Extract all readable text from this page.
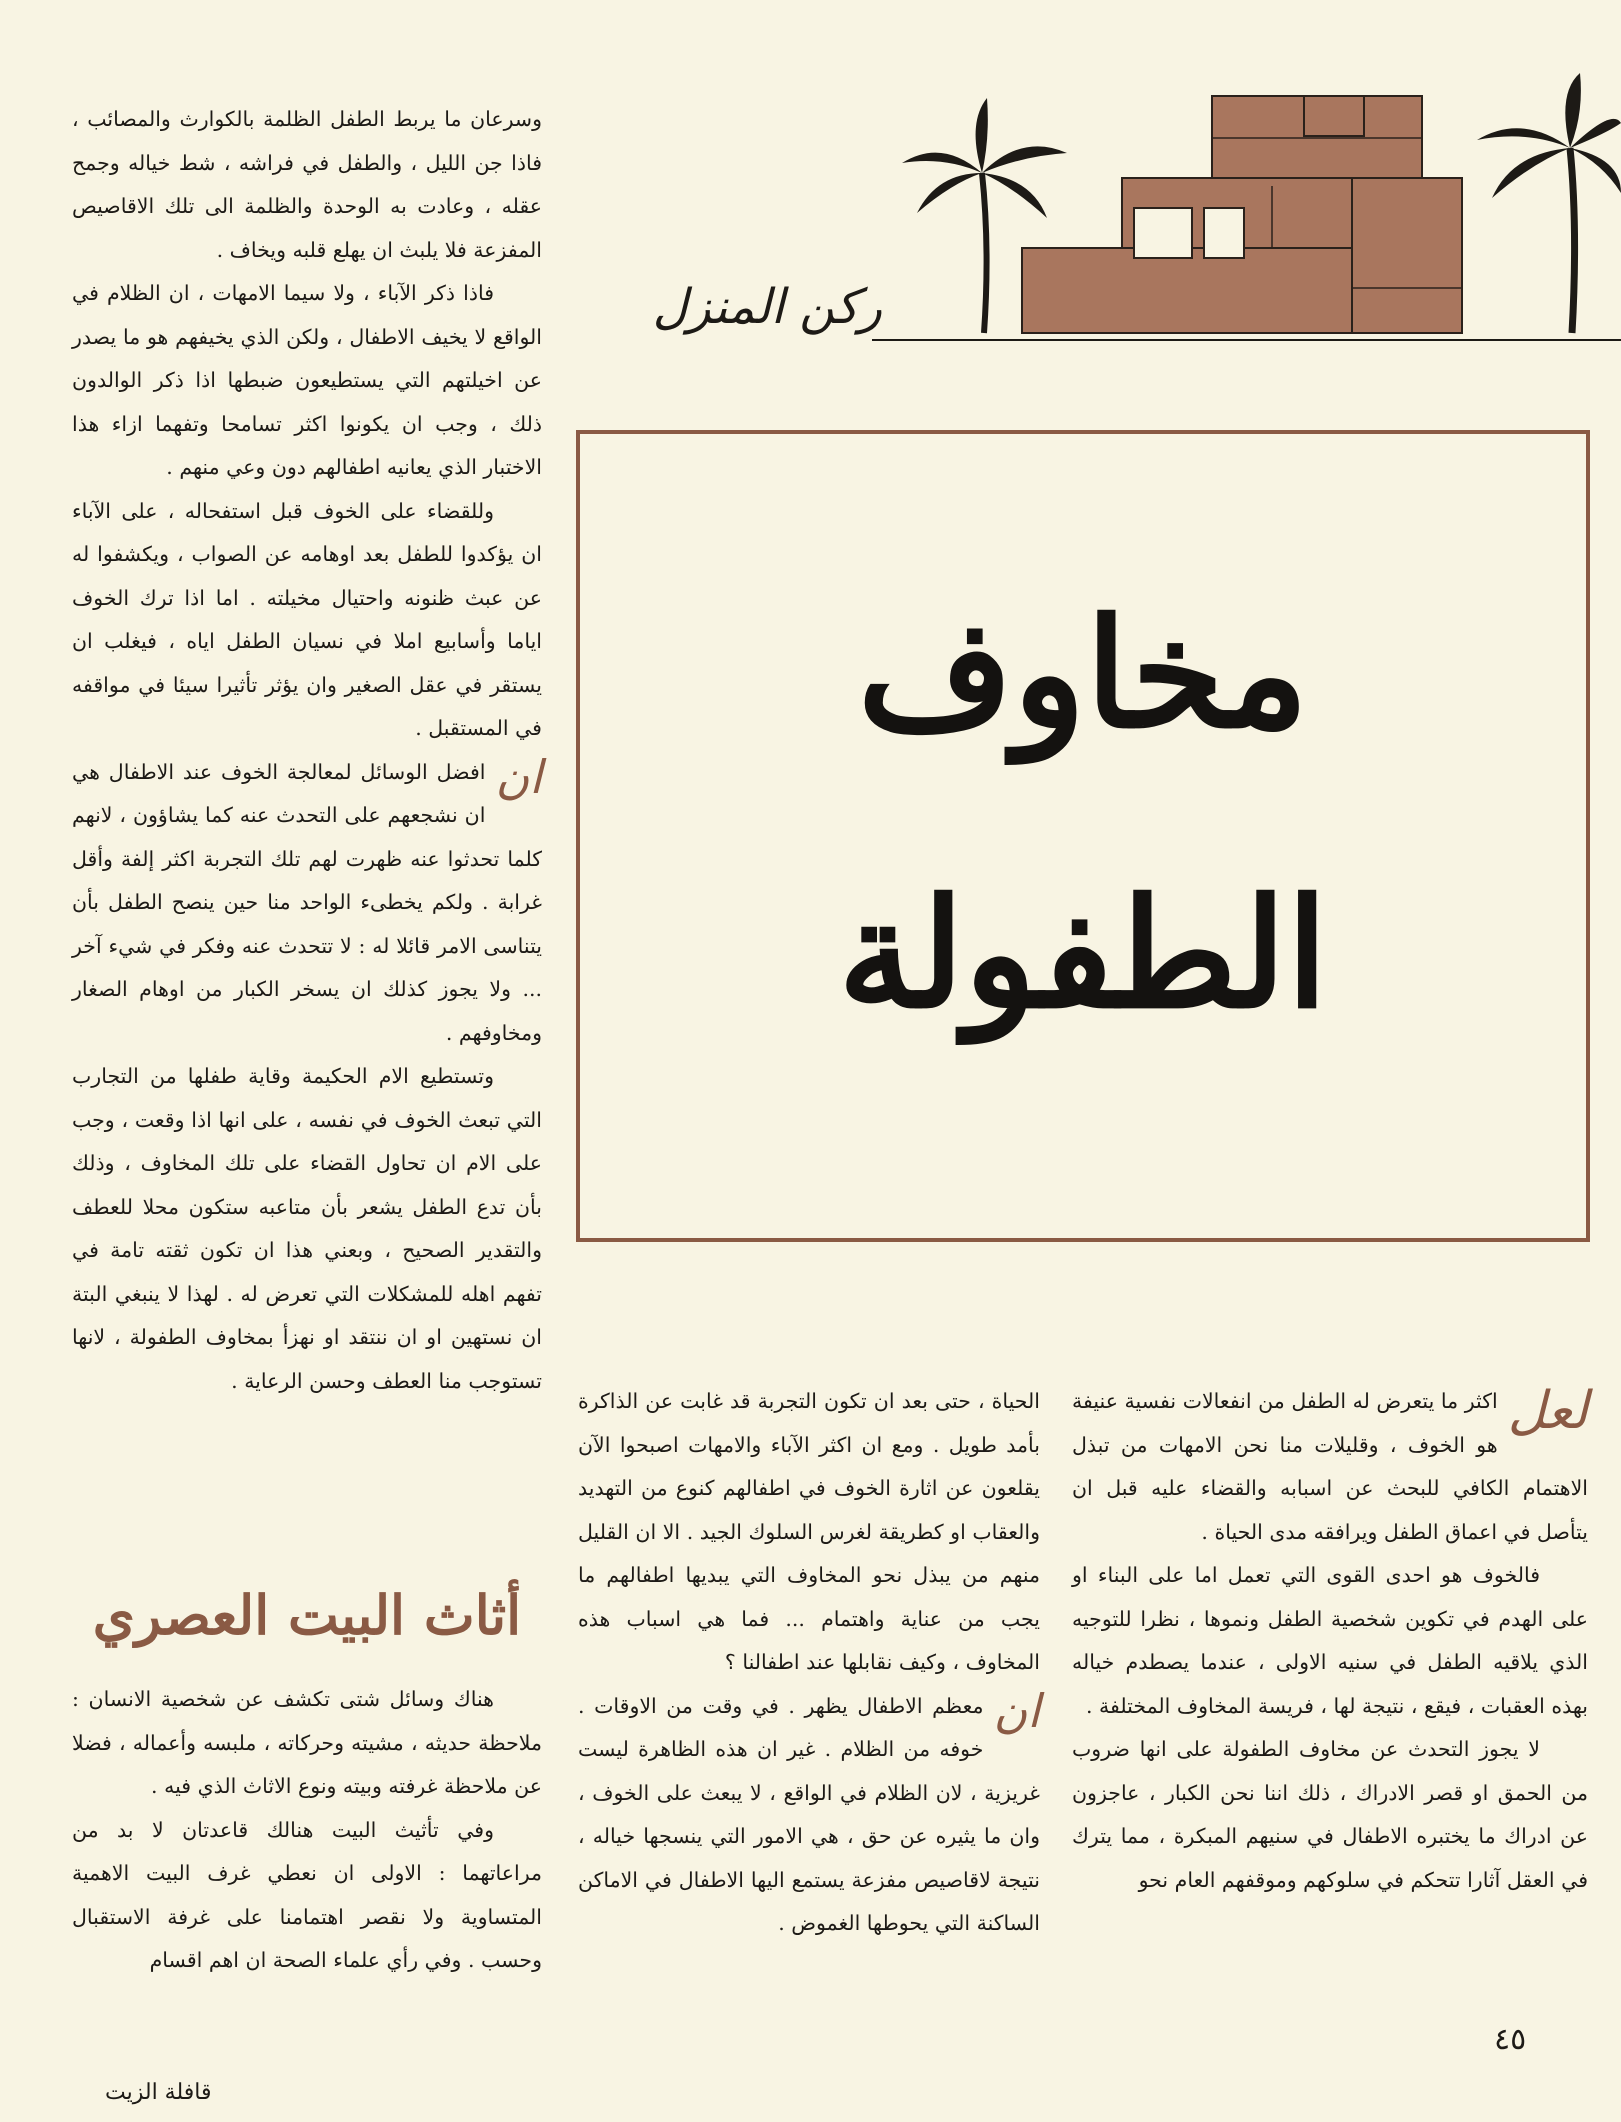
ركن المنزل
مخاوف
الطفولة

وسرعان ما يربط الطفل الظلمة بالكوارث والمصائب ، فاذا جن الليل ، والطفل في فراشه ، شط خياله وجمح عقله ، وعادت به الوحدة والظلمة الى تلك الاقاصيص المفزعة فلا يلبث ان يهلع قلبه ويخاف .

فاذا ذكر الآباء ، ولا سيما الامهات ، ان الظلام في الواقع لا يخيف الاطفال ، ولكن الذي يخيفهم هو ما يصدر عن اخيلتهم التي يستطيعون ضبطها اذا ذكر الوالدون ذلك ، وجب ان يكونوا اكثر تسامحا وتفهما ازاء هذا الاختبار الذي يعانيه اطفالهم دون وعي منهم .

وللقضاء على الخوف قبل استفحاله ، على الآباء ان يؤكدوا للطفل بعد اوهامه عن الصواب ، ويكشفوا له عن عبث ظنونه واحتيال مخيلته . اما اذا ترك الخوف اياما وأسابيع املا في نسيان الطفل اياه ، فيغلب ان يستقر في عقل الصغير وان يؤثر تأثيرا سيئا في مواقفه في المستقبل .

ان
افضل الوسائل لمعالجة الخوف عند الاطفال هي ان نشجعهم على التحدث عنه كما يشاؤون ، لانهم كلما تحدثوا عنه ظهرت لهم تلك التجربة اكثر إلفة وأقل غرابة . ولكم يخطىء الواحد منا حين ينصح الطفل بأن يتناسى الامر قائلا له : لا تتحدث عنه وفكر في شيء آخر ... ولا يجوز كذلك ان يسخر الكبار من اوهام الصغار ومخاوفهم .

وتستطيع الام الحكيمة وقاية طفلها من التجارب التي تبعث الخوف في نفسه ، على انها اذا وقعت ، وجب على الام ان تحاول القضاء على تلك المخاوف ، وذلك بأن تدع الطفل يشعر بأن متاعبه ستكون محلا للعطف والتقدير الصحيح ، وبعني هذا ان تكون ثقته تامة في تفهم اهله للمشكلات التي تعرض له . لهذا لا ينبغي البتة ان نستهين او ان ننتقد او نهزأ بمخاوف الطفولة ، لانها تستوجب منا العطف وحسن الرعاية .

أثاث البيت العصري

هناك وسائل شتى تكشف عن شخصية الانسان : ملاحظة حديثه ، مشيته وحركاته ، ملبسه وأعماله ، فضلا عن ملاحظة غرفته وبيته ونوع الاثاث الذي فيه .

وفي تأثيث البيت هنالك قاعدتان لا بد من مراعاتهما : الاولى ان نعطي غرف البيت الاهمية المتساوية ولا نقصر اهتمامنا على غرفة الاستقبال وحسب . وفي رأي علماء الصحة ان اهم اقسام

الحياة ، حتى بعد ان تكون التجربة قد غابت عن الذاكرة بأمد طويل . ومع ان اكثر الآباء والامهات اصبحوا الآن يقلعون عن اثارة الخوف في اطفالهم كنوع من التهديد والعقاب او كطريقة لغرس السلوك الجيد . الا ان القليل منهم من يبذل نحو المخاوف التي يبديها اطفالهم ما يجب من عناية واهتمام ... فما هي اسباب هذه المخاوف ، وكيف نقابلها عند اطفالنا ؟

ان
معظم الاطفال يظهر . في وقت من الاوقات . خوفه من الظلام . غير ان هذه الظاهرة ليست غريزية ، لان الظلام في الواقع ، لا يبعث على الخوف ، وان ما يثيره عن حق ، هي الامور التي ينسجها خياله ، نتيجة لاقاصيص مفزعة يستمع اليها الاطفال في الاماكن الساكنة التي يحوطها الغموض .

لعل
اكثر ما يتعرض له الطفل من انفعالات نفسية عنيفة هو الخوف ، وقليلات منا نحن الامهات من تبذل الاهتمام الكافي للبحث عن اسبابه والقضاء عليه قبل ان يتأصل في اعماق الطفل ويرافقه مدى الحياة .

فالخوف هو احدى القوى التي تعمل اما على البناء او على الهدم في تكوين شخصية الطفل ونموها ، نظرا للتوجيه الذي يلاقيه الطفل في سنيه الاولى ، عندما يصطدم خياله بهذه العقبات ، فيقع ، نتيجة لها ، فريسة المخاوف المختلفة .

لا يجوز التحدث عن مخاوف الطفولة على انها ضروب من الحمق او قصر الادراك ، ذلك اننا نحن الكبار ، عاجزون عن ادراك ما يختبره الاطفال في سنيهم المبكرة ، مما يترك في العقل آثارا تتحكم في سلوكهم وموقفهم العام نحو

٤٥
قافلة الزيت
